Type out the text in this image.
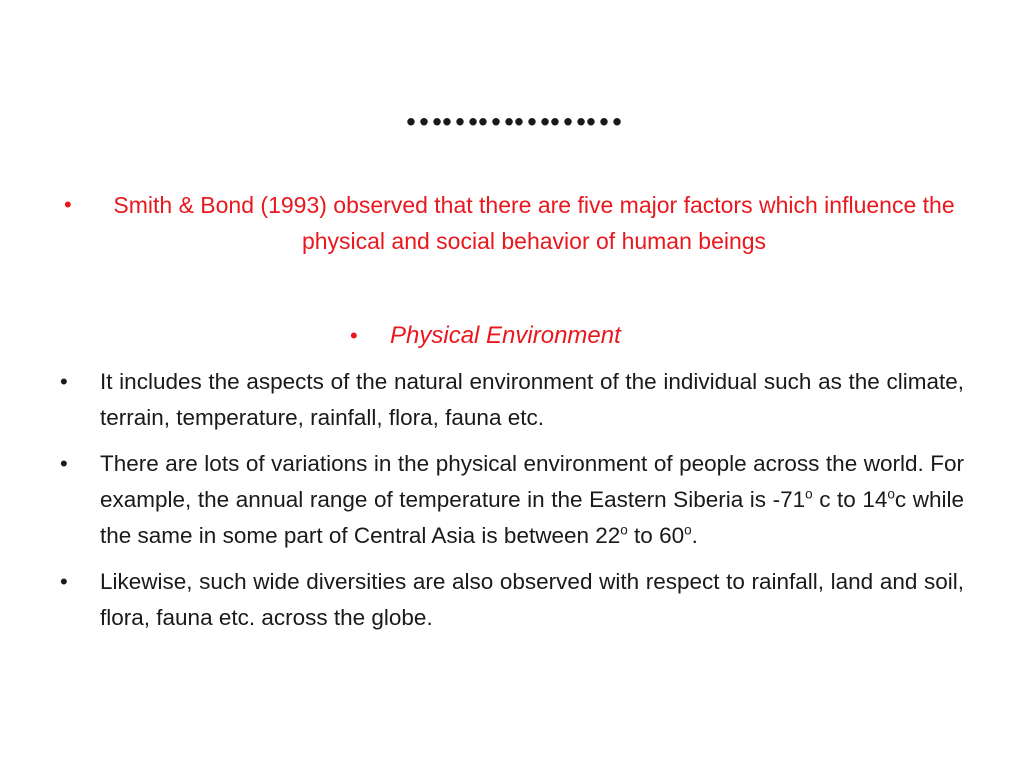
………………
•	Smith & Bond (1993) observed that there are five major factors which influence the physical and social behavior of human beings
•	Physical Environment
•	It includes the aspects of the natural environment of the individual such as the climate, terrain, temperature, rainfall, flora, fauna etc.
•	There are lots of variations in the physical environment of people across the world. For example, the annual range of temperature in the Eastern Siberia is -71$^o$ c to 14$^o$c while the same in some part of Central Asia is between 22$^o$ to 60$^o$.
•	Likewise, such wide diversities are also observed with respect to rainfall, land and soil, flora, fauna etc. across the globe.
